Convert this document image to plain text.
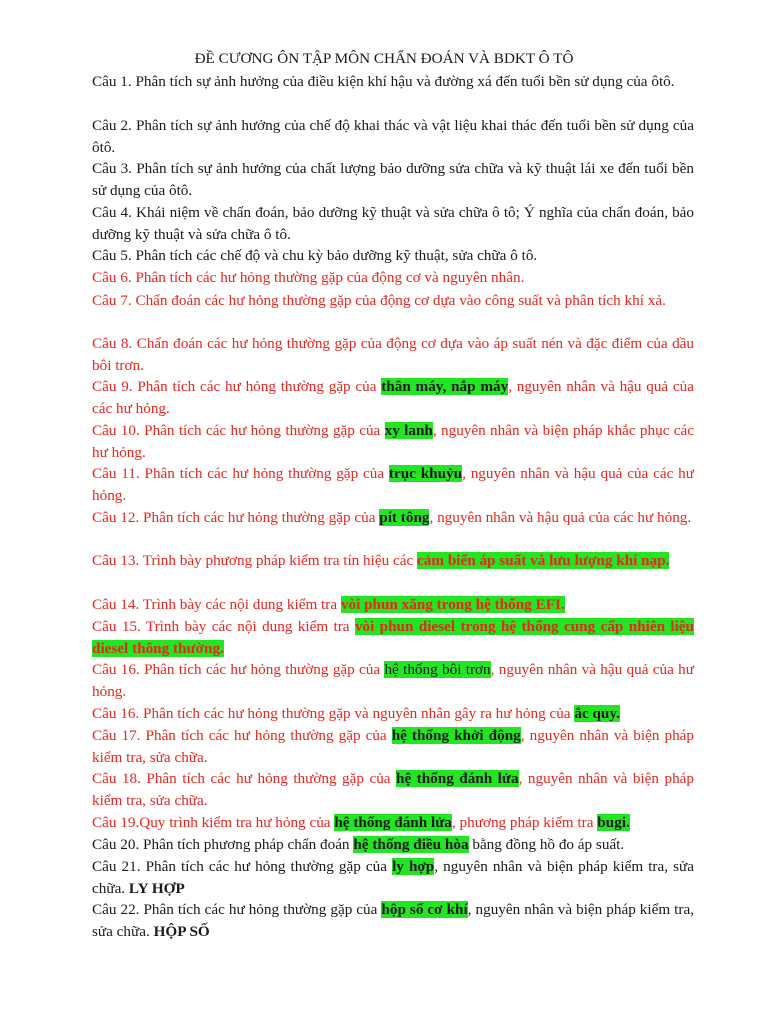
ĐỀ CƯƠNG ÔN TẬP MÔN CHẨN ĐOÁN VÀ BDKT Ô TÔ
Câu 1. Phân tích sự ảnh hưởng của điều kiện khí hậu và đường xá đến tuổi bền sử dụng của ôtô.
Câu 2. Phân tích sự ảnh hưởng của chế độ khai thác và vật liệu khai thác đến tuổi bền sử dụng của ôtô.
Câu 3. Phân tích sự ảnh hưởng của chất lượng bảo dưỡng sửa chữa và kỹ thuật lái xe đến tuổi bền sử dụng của ôtô.
Câu 4. Khái niệm về chẩn đoán, bảo dưỡng kỹ thuật và sửa chữa ô tô; Ý nghĩa của chẩn đoán, bảo dưỡng kỹ thuật và sửa chữa ô tô.
Câu 5. Phân tích các chế độ và chu kỳ bảo dưỡng kỹ thuật, sửa chữa ô tô.
Câu 6. Phân tích các hư hỏng thường gặp của động cơ và nguyên nhân.
Câu 7. Chẩn đoán các hư hỏng thường gặp của động cơ dựa vào công suất và phân tích khí xả.
Câu 8. Chẩn đoán các hư hỏng thường gặp của động cơ dựa vào áp suất nén và đặc điểm của dầu bôi trơn.
Câu 9. Phân tích các hư hỏng thường gặp của thân máy, nắp máy, nguyên nhân và hậu quả của các hư hỏng.
Câu 10. Phân tích các hư hỏng thường gặp của xy lanh, nguyên nhân và biện pháp khắc phục các hư hỏng.
Câu 11. Phân tích các hư hỏng thường gặp của trục khuỷu, nguyên nhân và hậu quả của các hư hỏng.
Câu 12. Phân tích các hư hỏng thường gặp của pít tông, nguyên nhân và hậu quả của các hư hỏng.
Câu 13. Trình bày phương pháp kiểm tra tín hiệu các cảm biến áp suất và lưu lượng khí nạp.
Câu 14. Trình bày các nội dung kiểm tra vòi phun xăng trong hệ thống EFI.
Câu 15. Trình bày các nội dung kiểm tra vòi phun diesel trong hệ thống cung cấp nhiên liệu diesel thông thường.
Câu 16. Phân tích các hư hỏng thường gặp của hệ thống bôi trơn, nguyên nhân và hậu quả của hư hỏng.
Câu 16. Phân tích các hư hỏng thường gặp và nguyên nhân gây ra hư hỏng của ắc quy.
Câu 17. Phân tích các hư hỏng thường gặp của hệ thống khởi động, nguyên nhân và biện pháp kiểm tra, sửa chữa.
Câu 18. Phân tích các hư hỏng thường gặp của hệ thống đánh lửa, nguyên nhân và biện pháp kiểm tra, sửa chữa.
Câu 19.Quy trình kiểm tra hư hỏng của hệ thống đánh lửa, phương pháp kiểm tra bugi.
Câu 20. Phân tích phương pháp chẩn đoán hệ thống điều hòa bằng đồng hồ đo áp suất.
Câu 21. Phân tích các hư hỏng thường gặp của ly hợp, nguyên nhân và biện pháp kiểm tra, sửa chữa. LY HỢP
Câu 22. Phân tích các hư hỏng thường gặp của hộp số cơ khí, nguyên nhân và biện pháp kiểm tra, sửa chữa. HỘP SỐ
